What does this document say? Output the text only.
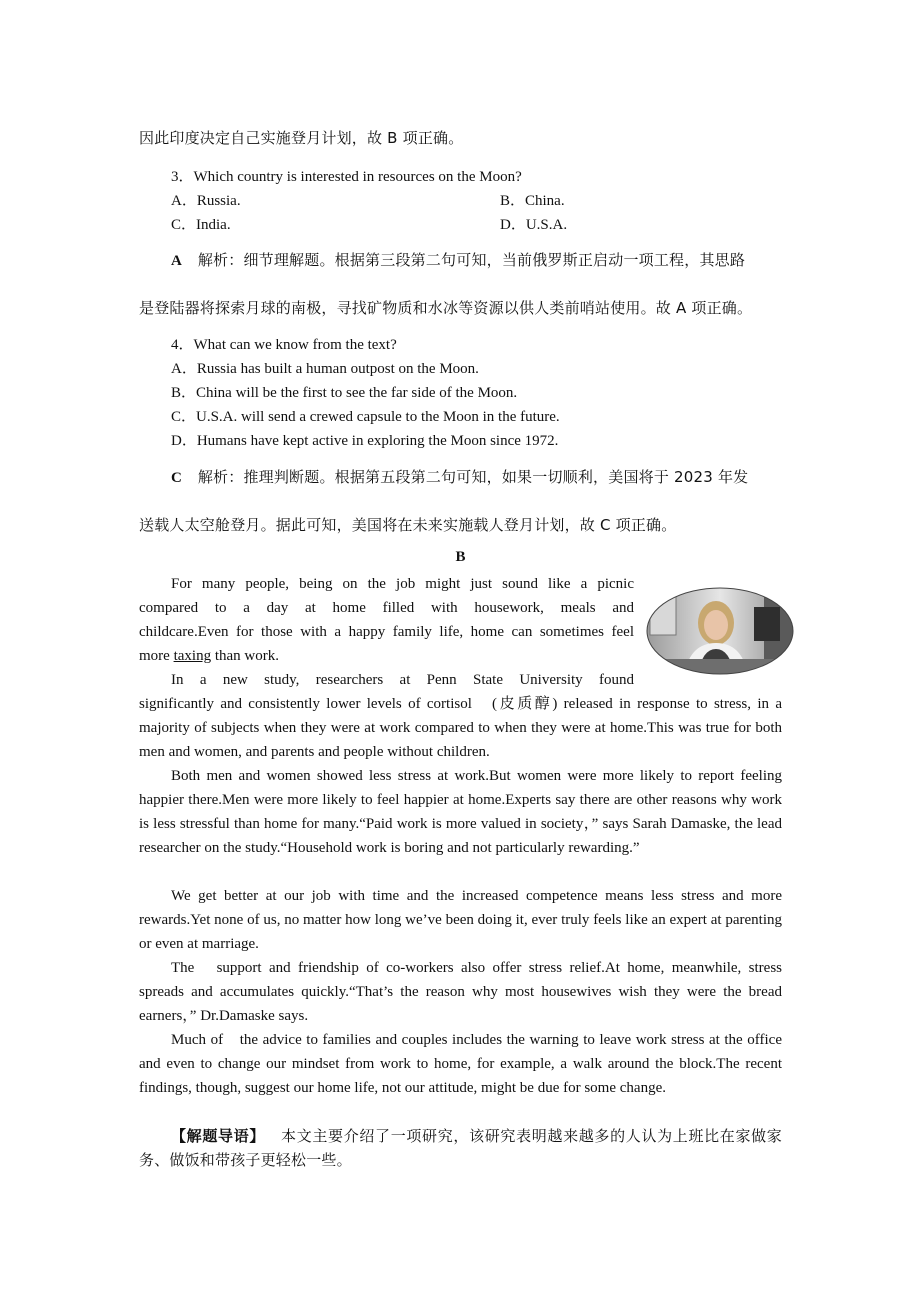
因此印度决定自己实施登月计划，故 B 项正确。
3．Which country is interested in resources on the Moon?
A．Russia.	B．China.
C．India.	D．U.S.A.
A 解析：细节理解题。根据第三段第二句可知，当前俄罗斯正启动一项工程，其思路
是登陆器将探索月球的南极，寻找矿物质和水冰等资源以供人类前哨站使用。故 A 项正确。
4．What can we know from the text?
A．Russia has built a human outpost on the Moon.
B．China will be the first to see the far side of the Moon.
C．U.S.A. will send a crewed capsule to the Moon in the future.
D．Humans have kept active in exploring the Moon since 1972.
C 解析：推理判断题。根据第五段第二句可知，如果一切顺利，美国将于 2023 年发
送载人太空舱登月。据此可知，美国将在未来实施载人登月计划，故 C 项正确。
B
For many people, being on the job might just sound like a picnic
compared to a day at home filled with housework, meals and
childcare.Even for those with a happy family life, home can sometimes feel
more taxing than work.
In a new study, researchers at Penn State University found
significantly and consistently lower levels of cortisol　(皮质醇) released in response to stress, in a majority of subjects when they were at work compared to when they were at home.This was true for both men and women, and parents and people without children.
Both men and women showed less stress at work.But women were more likely to report feeling happier there.Men were more likely to feel happier at home.Experts say there are other reasons why work is less stressful than home for many.“Paid work is more valued in society，” says Sarah Damaske, the lead researcher on the study.“Household work is boring and not particularly rewarding.”
We get better at our job with time and the increased competence means less stress and more rewards.Yet none of us, no matter how long we’ve been doing it, ever truly feels like an expert at parenting or even at marriage.
The　support and friendship of co-workers also offer stress relief.At home, meanwhile, stress spreads and accumulates quickly.“That’s the reason why most housewives wish they were the bread earners，” Dr.Damaske says.
Much of　the advice to families and couples includes the warning to leave work stress at the office and even to change our mindset from work to home, for example, a walk around the block.The recent findings, though, suggest our home life, not our attitude, might be due for some change.
【解题导语】 本文主要介绍了一项研究，该研究表明越来越多的人认为上班比在家做家务、做饭和带孩子更轻松一些。
